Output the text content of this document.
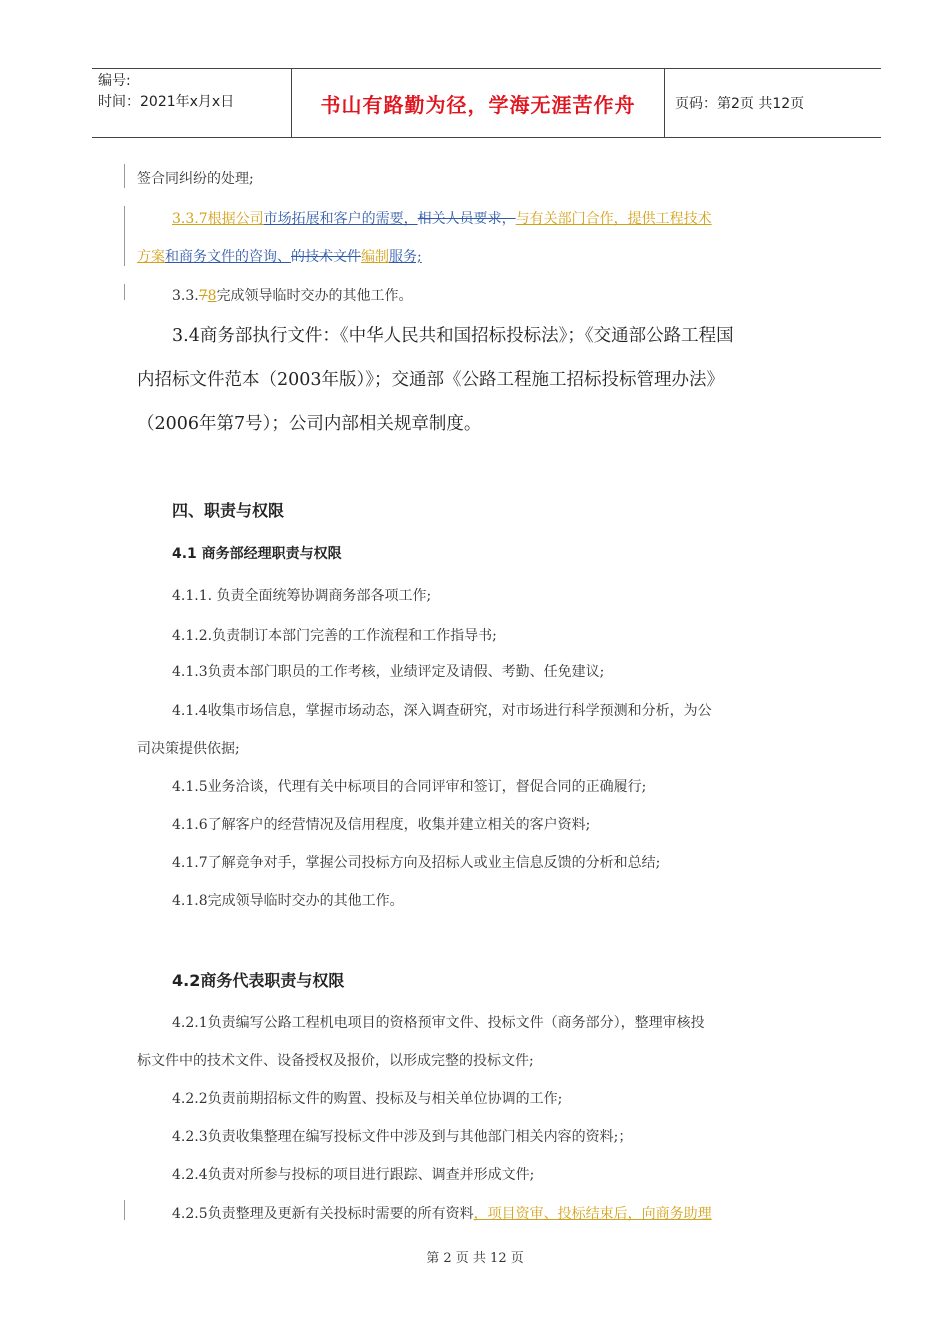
编号:
时间：2021年x月x日	书山有路勤为径，学海无涯苦作舟	页码：第2页 共12页
签合同纠纷的处理;
3.3.7根据公司市场拓展和客户的需要，相关人员要求，与有关部门合作，提供工程技术
方案和商务文件的咨询、的技术文件编制服务;
3.3.78完成领导临时交办的其他工作。
3.4商务部执行文件：《中华人民共和国招标投标法》；《交通部公路工程国
内招标文件范本（2003年版）》；交通部《公路工程施工招标投标管理办法》
（2006年第7号）；公司内部相关规章制度。
四、职责与权限
4.1 商务部经理职责与权限
4.1.1. 负责全面统筹协调商务部各项工作;
4.1.2.负责制订本部门完善的工作流程和工作指导书;
4.1.3负责本部门职员的工作考核，业绩评定及请假、考勤、任免建议;
4.1.4收集市场信息，掌握市场动态，深入调查研究，对市场进行科学预测和分析，为公
司决策提供依据;
4.1.5业务洽谈，代理有关中标项目的合同评审和签订，督促合同的正确履行;
4.1.6了解客户的经营情况及信用程度，收集并建立相关的客户资料;
4.1.7了解竞争对手，掌握公司投标方向及招标人或业主信息反馈的分析和总结;
4.1.8完成领导临时交办的其他工作。
4.2商务代表职责与权限
4.2.1负责编写公路工程机电项目的资格预审文件、投标文件（商务部分），整理审核投
标文件中的技术文件、设备授权及报价，以形成完整的投标文件;
4.2.2负责前期招标文件的购置、投标及与相关单位协调的工作;
4.2.3负责收集整理在编写投标文件中涉及到与其他部门相关内容的资料;；
4.2.4负责对所参与投标的项目进行跟踪、调查并形成文件;
4.2.5负责整理及更新有关投标时需要的所有资料，项目资审、投标结束后，向商务助理
第 2 页 共 12 页
